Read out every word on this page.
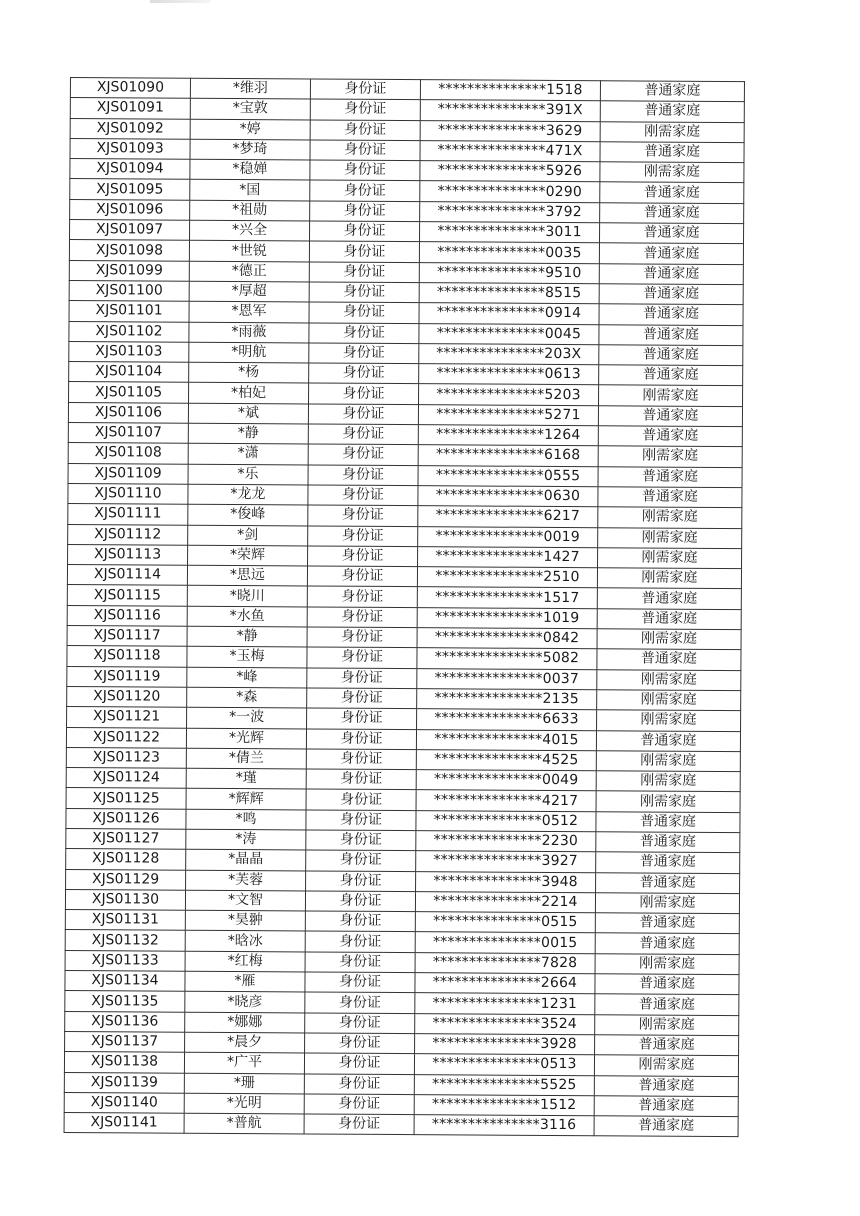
XJS01090	*维羽	身份证	***************1518	普通家庭
XJS01091	*宝敦	身份证	***************391X	普通家庭
XJS01092	*婷	身份证	***************3629	刚需家庭
XJS01093	*梦琦	身份证	***************471X	普通家庭
XJS01094	*稳婵	身份证	***************5926	刚需家庭
XJS01095	*国	身份证	***************0290	普通家庭
XJS01096	*祖勋	身份证	***************3792	普通家庭
XJS01097	*兴全	身份证	***************3011	普通家庭
XJS01098	*世锐	身份证	***************0035	普通家庭
XJS01099	*德正	身份证	***************9510	普通家庭
XJS01100	*厚超	身份证	***************8515	普通家庭
XJS01101	*恩军	身份证	***************0914	普通家庭
XJS01102	*雨薇	身份证	***************0045	普通家庭
XJS01103	*明航	身份证	***************203X	普通家庭
XJS01104	*杨	身份证	***************0613	普通家庭
XJS01105	*柏妃	身份证	***************5203	刚需家庭
XJS01106	*斌	身份证	***************5271	普通家庭
XJS01107	*静	身份证	***************1264	普通家庭
XJS01108	*潇	身份证	***************6168	刚需家庭
XJS01109	*乐	身份证	***************0555	普通家庭
XJS01110	*龙龙	身份证	***************0630	普通家庭
XJS01111	*俊峰	身份证	***************6217	刚需家庭
XJS01112	*剑	身份证	***************0019	刚需家庭
XJS01113	*荣辉	身份证	***************1427	刚需家庭
XJS01114	*思远	身份证	***************2510	刚需家庭
XJS01115	*晓川	身份证	***************1517	普通家庭
XJS01116	*水鱼	身份证	***************1019	普通家庭
XJS01117	*静	身份证	***************0842	刚需家庭
XJS01118	*玉梅	身份证	***************5082	普通家庭
XJS01119	*峰	身份证	***************0037	刚需家庭
XJS01120	*森	身份证	***************2135	刚需家庭
XJS01121	*一波	身份证	***************6633	刚需家庭
XJS01122	*光辉	身份证	***************4015	普通家庭
XJS01123	*倩兰	身份证	***************4525	刚需家庭
XJS01124	*瑾	身份证	***************0049	刚需家庭
XJS01125	*辉辉	身份证	***************4217	刚需家庭
XJS01126	*鸣	身份证	***************0512	普通家庭
XJS01127	*涛	身份证	***************2230	普通家庭
XJS01128	*晶晶	身份证	***************3927	普通家庭
XJS01129	*芙蓉	身份证	***************3948	普通家庭
XJS01130	*文智	身份证	***************2214	刚需家庭
XJS01131	*昊翀	身份证	***************0515	普通家庭
XJS01132	*晗冰	身份证	***************0015	普通家庭
XJS01133	*红梅	身份证	***************7828	刚需家庭
XJS01134	*雁	身份证	***************2664	普通家庭
XJS01135	*晓彦	身份证	***************1231	普通家庭
XJS01136	*娜娜	身份证	***************3524	刚需家庭
XJS01137	*晨夕	身份证	***************3928	普通家庭
XJS01138	*广平	身份证	***************0513	刚需家庭
XJS01139	*珊	身份证	***************5525	普通家庭
XJS01140	*光明	身份证	***************1512	普通家庭
XJS01141	*普航	身份证	***************3116	普通家庭
